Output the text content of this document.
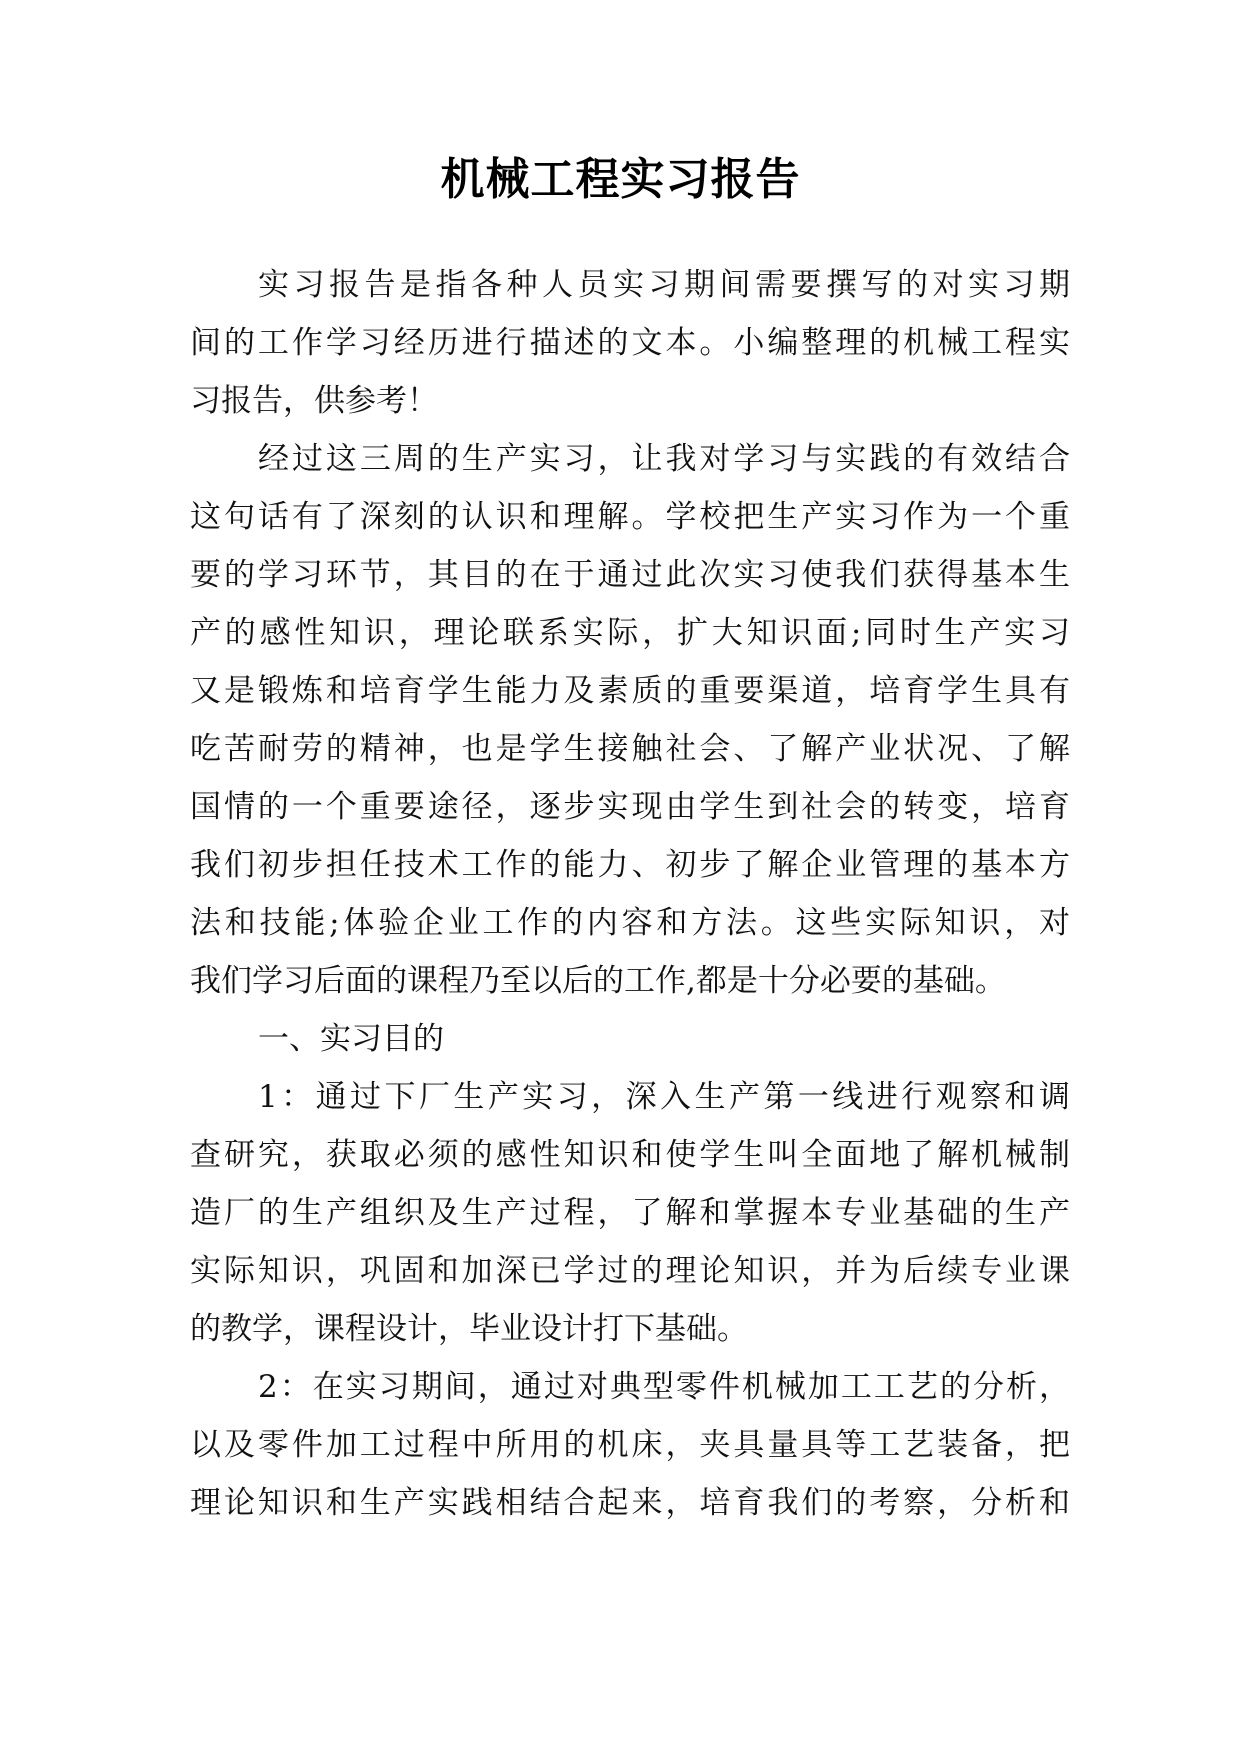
机械工程实习报告
实习报告是指各种人员实习期间需要撰写的对实习期
间的工作学习经历进行描述的文本。小编整理的机械工程实
习报告，供参考！
经过这三周的生产实习，让我对学习与实践的有效结合
这句话有了深刻的认识和理解。学校把生产实习作为一个重
要的学习环节，其目的在于通过此次实习使我们获得基本生
产的感性知识，理论联系实际，扩大知识面;同时生产实习
又是锻炼和培育学生能力及素质的重要渠道，培育学生具有
吃苦耐劳的精神，也是学生接触社会、了解产业状况、了解
国情的一个重要途径，逐步实现由学生到社会的转变，培育
我们初步担任技术工作的能力、初步了解企业管理的基本方
法和技能;体验企业工作的内容和方法。这些实际知识，对
我们学习后面的课程乃至以后的工作,都是十分必要的基础。
一、实习目的
1：通过下厂生产实习，深入生产第一线进行观察和调
查研究，获取必须的感性知识和使学生叫全面地了解机械制
造厂的生产组织及生产过程，了解和掌握本专业基础的生产
实际知识，巩固和加深已学过的理论知识，并为后续专业课
的教学，课程设计，毕业设计打下基础。
2：在实习期间，通过对典型零件机械加工工艺的分析，
以及零件加工过程中所用的机床，夹具量具等工艺装备，把
理论知识和生产实践相结合起来，培育我们的考察，分析和
